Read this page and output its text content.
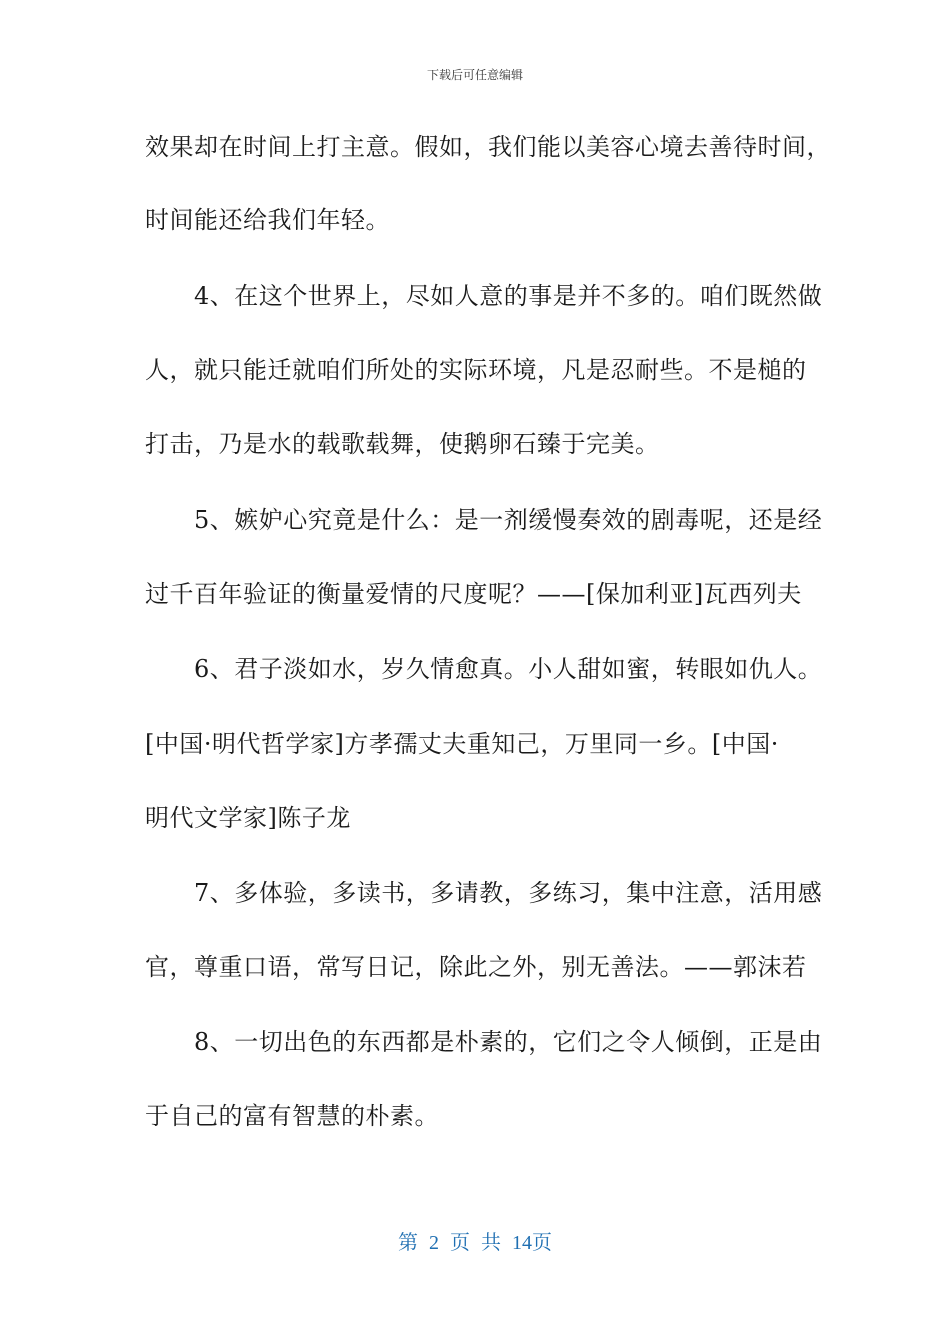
下载后可任意编辑
效果却在时间上打主意。假如，我们能以美容心境去善待时间，
时间能还给我们年轻。
　　4、在这个世界上，尽如人意的事是并不多的。咱们既然做
人，就只能迁就咱们所处的实际环境，凡是忍耐些。不是槌的
打击，乃是水的载歌载舞，使鹅卵石臻于完美。
　　5、嫉妒心究竟是什么：是一剂缓慢奏效的剧毒呢，还是经
过千百年验证的衡量爱情的尺度呢？——[保加利亚]瓦西列夫
　　6、君子淡如水，岁久情愈真。小人甜如蜜，转眼如仇人。
[中国·明代哲学家]方孝孺丈夫重知己，万里同一乡。[中国·
明代文学家]陈子龙
　　7、多体验，多读书，多请教，多练习，集中注意，活用感
官，尊重口语，常写日记，除此之外，别无善法。——郭沫若
　　8、一切出色的东西都是朴素的，它们之令人倾倒，正是由
于自己的富有智慧的朴素。
第 2 页 共 14页
